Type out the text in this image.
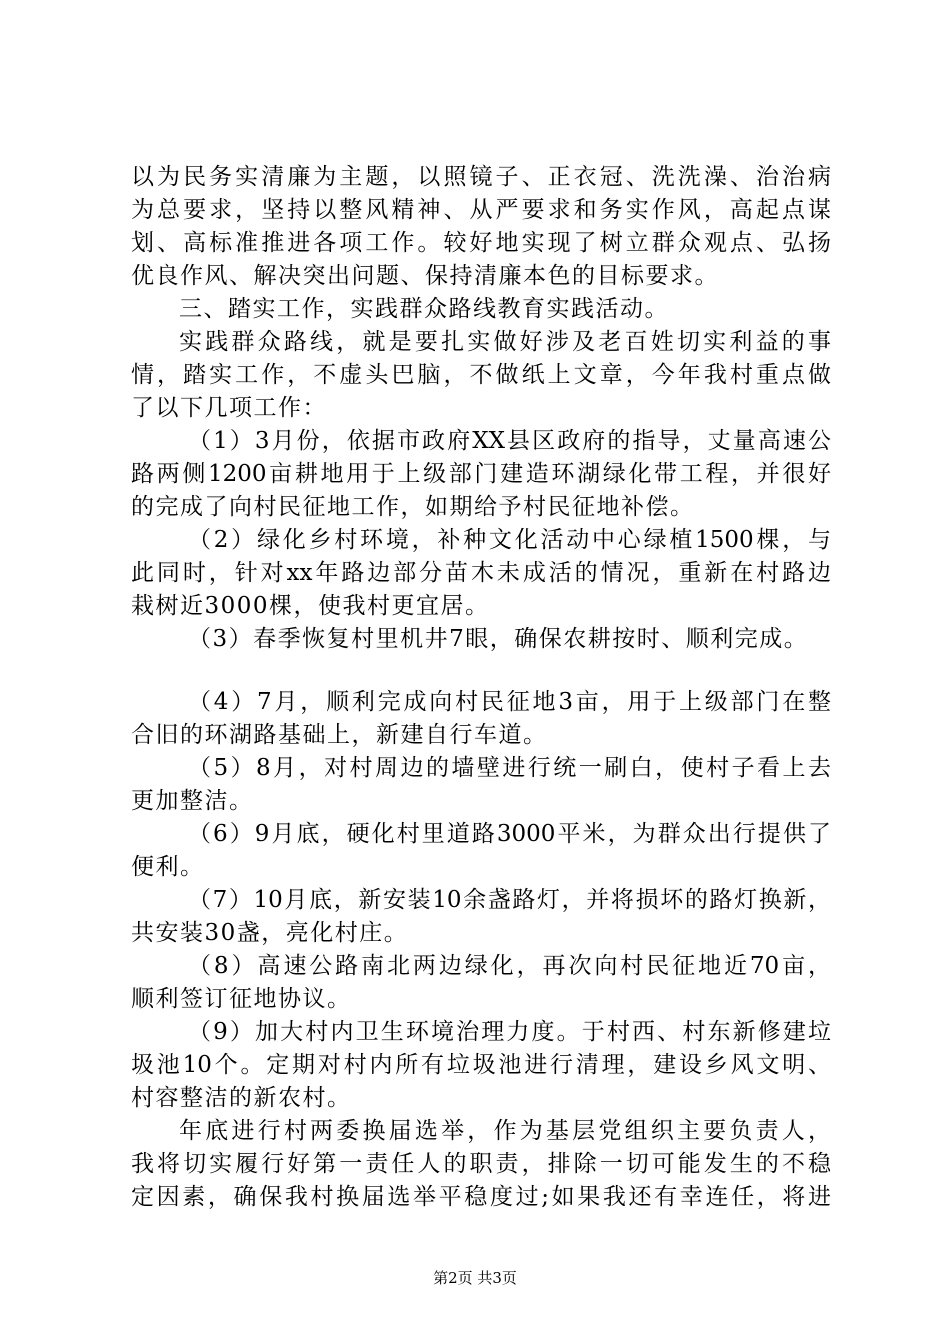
以为民务实清廉为主题，以照镜子、正衣冠、洗洗澡、治治病
为总要求，坚持以整风精神、从严要求和务实作风，高起点谋
划、高标准推进各项工作。较好地实现了树立群众观点、弘扬
优良作风、解决突出问题、保持清廉本色的目标要求。
三、踏实工作，实践群众路线教育实践活动。
实践群众路线，就是要扎实做好涉及老百姓切实利益的事
情，踏实工作，不虚头巴脑，不做纸上文章，今年我村重点做
了以下几项工作：
（1）3月份，依据市政府XX县区政府的指导，丈量高速公
路两侧1200亩耕地用于上级部门建造环湖绿化带工程，并很好
的完成了向村民征地工作，如期给予村民征地补偿。
（2）绿化乡村环境，补种文化活动中心绿植1500棵，与
此同时，针对xx年路边部分苗木未成活的情况，重新在村路边
栽树近3000棵，使我村更宜居。
（3）春季恢复村里机井7眼，确保农耕按时、顺利完成。
（4）7月，顺利完成向村民征地3亩，用于上级部门在整
合旧的环湖路基础上，新建自行车道。
（5）8月，对村周边的墙壁进行统一刷白，使村子看上去
更加整洁。
（6）9月底，硬化村里道路3000平米，为群众出行提供了
便利。
（7）10月底，新安装10余盏路灯，并将损坏的路灯换新，
共安装30盏，亮化村庄。
（8）高速公路南北两边绿化，再次向村民征地近70亩，
顺利签订征地协议。
（9）加大村内卫生环境治理力度。于村西、村东新修建垃
圾池10个。定期对村内所有垃圾池进行清理，建设乡风文明、
村容整洁的新农村。
年底进行村两委换届选举，作为基层党组织主要负责人，
我将切实履行好第一责任人的职责，排除一切可能发生的不稳
定因素，确保我村换届选举平稳度过;如果我还有幸连任，将进
第2页 共3页
